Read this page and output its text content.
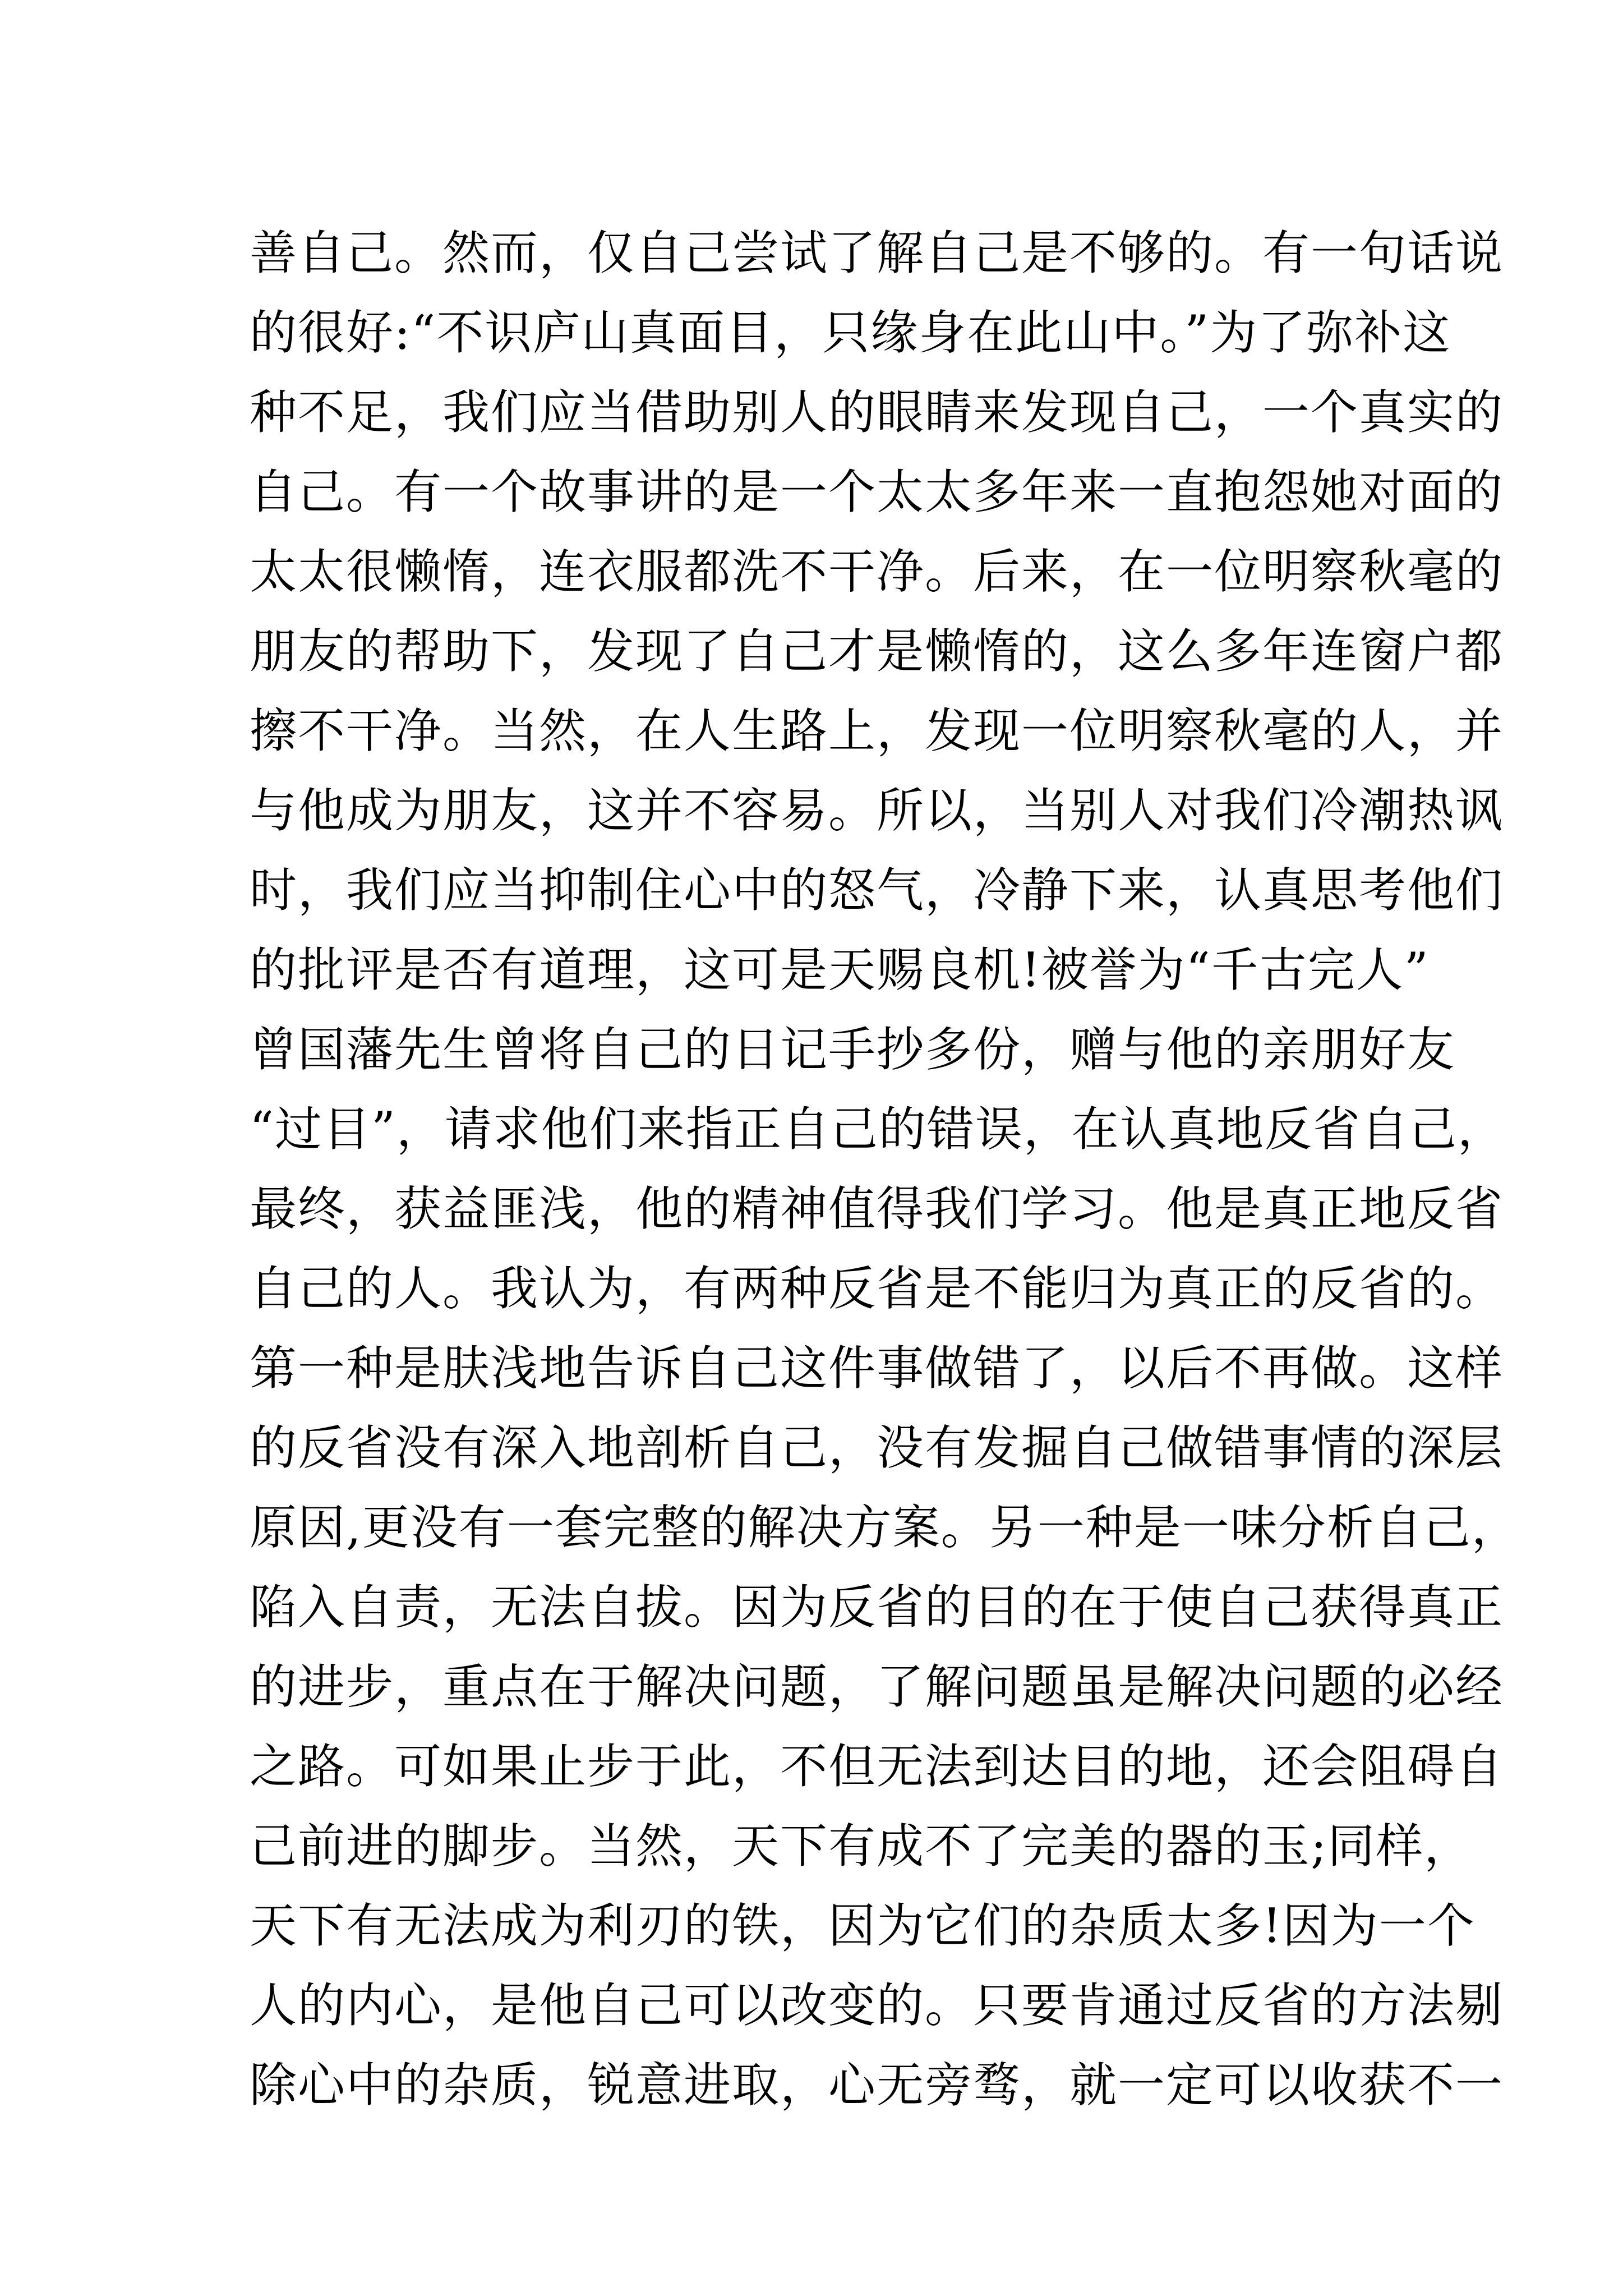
善自己。然而，仅自己尝试了解自己是不够的。有一句话说
的很好:“不识庐山真面目，只缘身在此山中。”为了弥补这
种不足，我们应当借助别人的眼睛来发现自己，一个真实的
自己。有一个故事讲的是一个太太多年来一直抱怨她对面的
太太很懒惰，连衣服都洗不干净。后来，在一位明察秋毫的
朋友的帮助下，发现了自己才是懒惰的，这么多年连窗户都
擦不干净。当然，在人生路上，发现一位明察秋毫的人，并
与他成为朋友，这并不容易。所以，当别人对我们冷潮热讽
时，我们应当抑制住心中的怒气，冷静下来，认真思考他们
的批评是否有道理，这可是天赐良机!被誉为“千古完人”
曾国藩先生曾将自己的日记手抄多份，赠与他的亲朋好友
“过目”，请求他们来指正自己的错误，在认真地反省自己，
最终，获益匪浅，他的精神值得我们学习。他是真正地反省
自己的人。我认为，有两种反省是不能归为真正的反省的。
第一种是肤浅地告诉自己这件事做错了，以后不再做。这样
的反省没有深入地剖析自己，没有发掘自己做错事情的深层
原因,更没有一套完整的解决方案。另一种是一味分析自己，
陷入自责，无法自拔。因为反省的目的在于使自己获得真正
的进步，重点在于解决问题，了解问题虽是解决问题的必经
之路。可如果止步于此，不但无法到达目的地，还会阻碍自
己前进的脚步。当然，天下有成不了完美的器的玉;同样，
天下有无法成为利刃的铁，因为它们的杂质太多!因为一个
人的内心，是他自己可以改变的。只要肯通过反省的方法剔
除心中的杂质，锐意进取，心无旁骛，就一定可以收获不一
